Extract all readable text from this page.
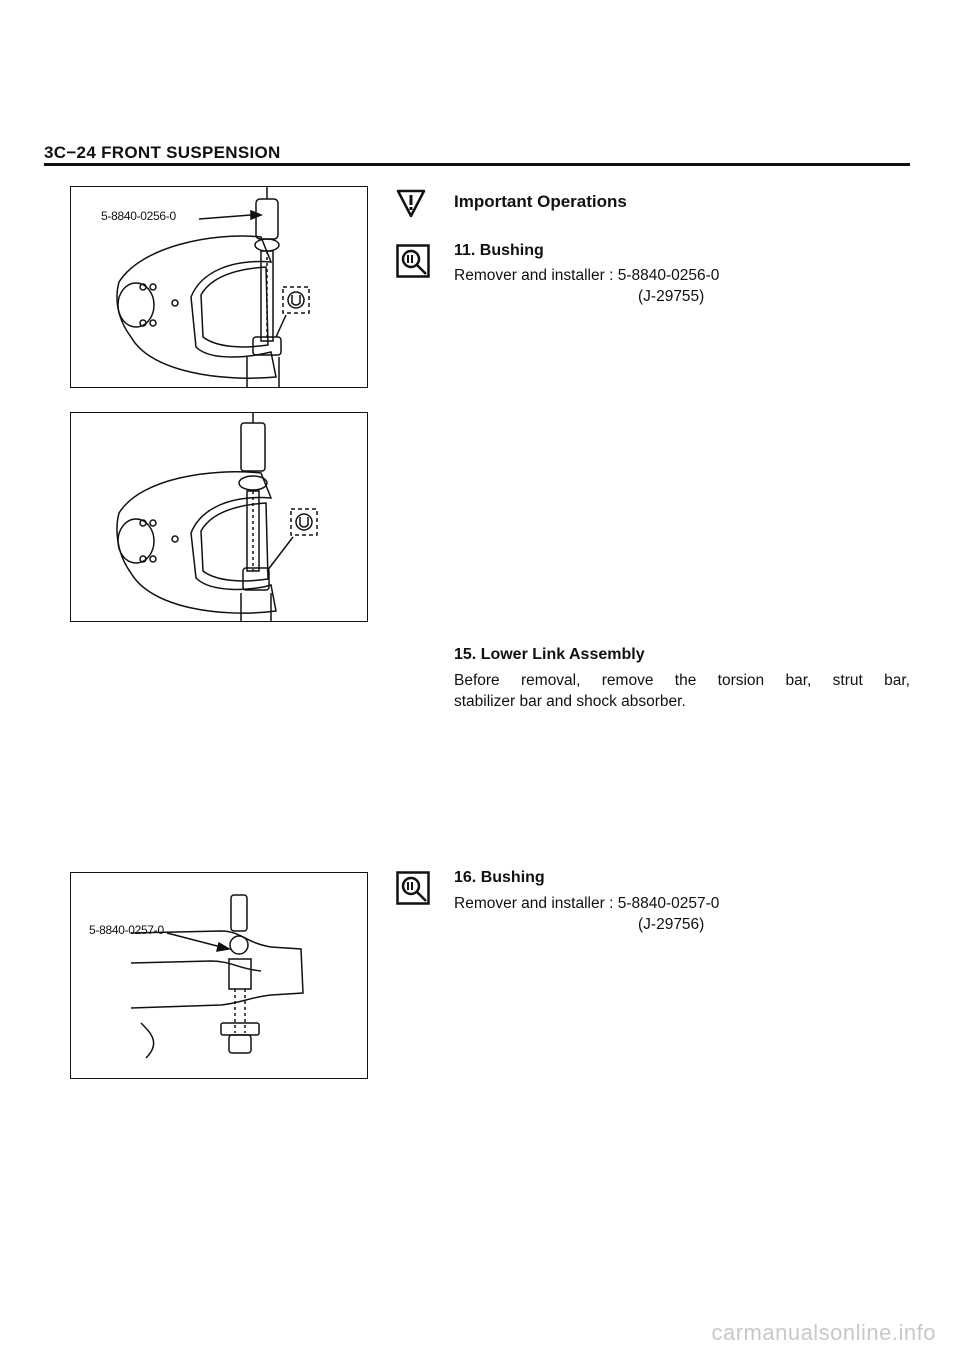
3C−24 FRONT SUSPENSION
5-8840-0256-0
5-8840-0257-0
Important Operations
11. Bushing
Remover and installer : 5-8840-0256-0
(J-29755)
15. Lower Link Assembly
Before removal, remove the torsion bar, strut bar,
stabilizer bar and shock absorber.
16. Bushing
Remover and installer : 5-8840-0257-0
(J-29756)
carmanualsonline.info
